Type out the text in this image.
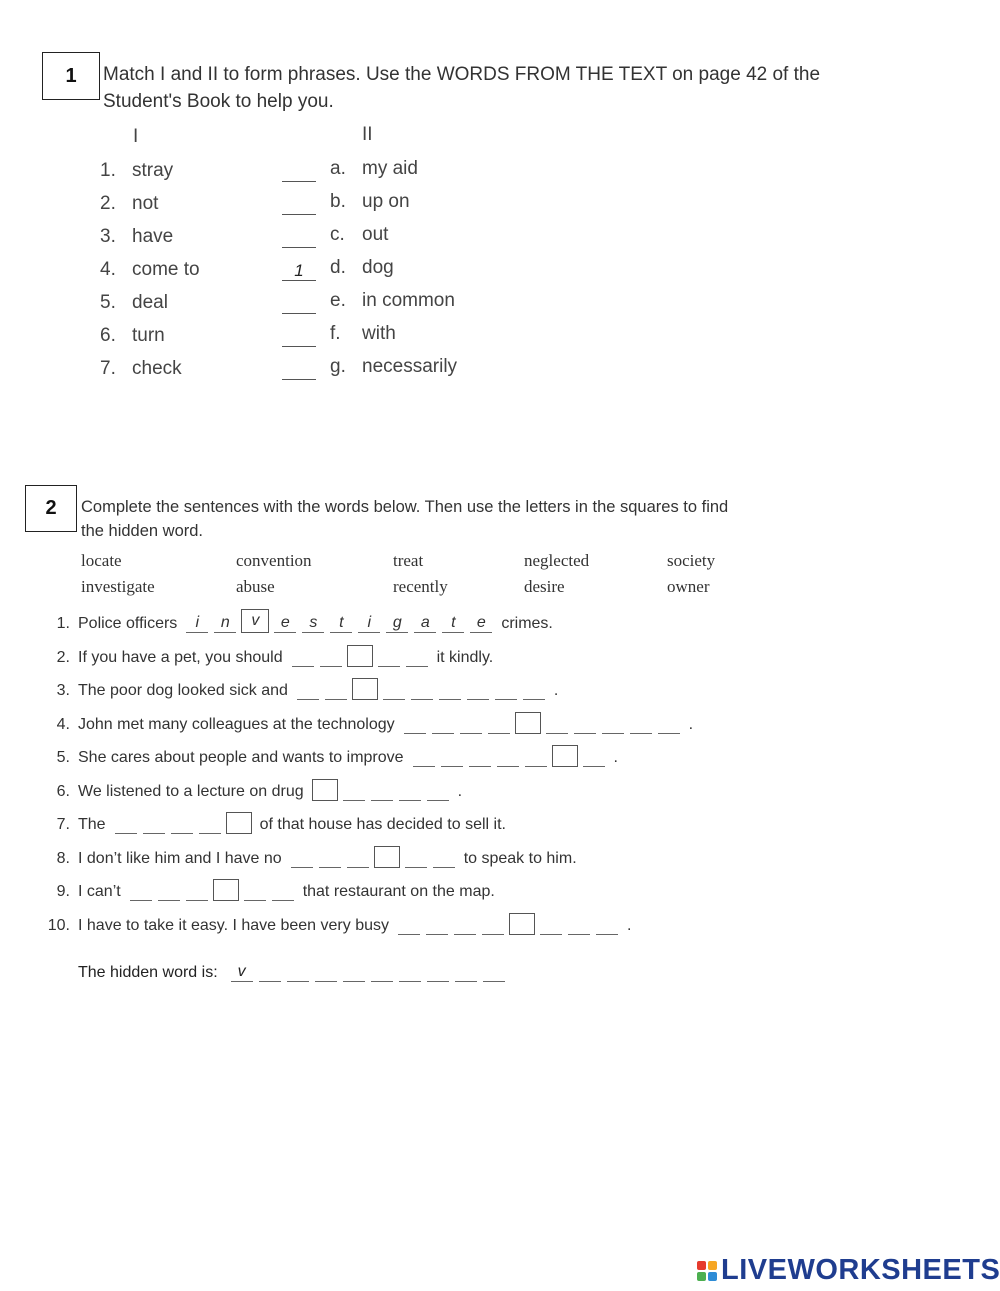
1	Match I and II to form phrases. Use the WORDS FROM THE TEXT on page 42 of the
Student's Book to help you.
I	II
1. stray	a. my aid
2. not	b. up on
3. have	c. out
4. come to	1	d. dog
5. deal	e. in common
6. turn	f. with
7. check	g. necessarily
2	Complete the sentences with the words below. Then use the letters in the squares to find
the hidden word.
locate	convention	treat	neglected	society
investigate	abuse	recently	desire	owner
1. Police officers	i	n	v	e	s	t	i	g	a	t	e crimes.
2. If you have a pet, you should	it kindly.
3. The poor dog looked sick and	.
4. John met many colleagues at the technology	.
5. She cares about people and wants to improve	.
6. We listened to a lecture on drug	.
7. The	of that house has decided to sell it.
8. I don’t like him and I have no	to speak to him.
9. I can’t	that restaurant on the map.
10. I have to take it easy. I have been very busy	.
The hidden word is:	v
LIVEWORKSHEETS
